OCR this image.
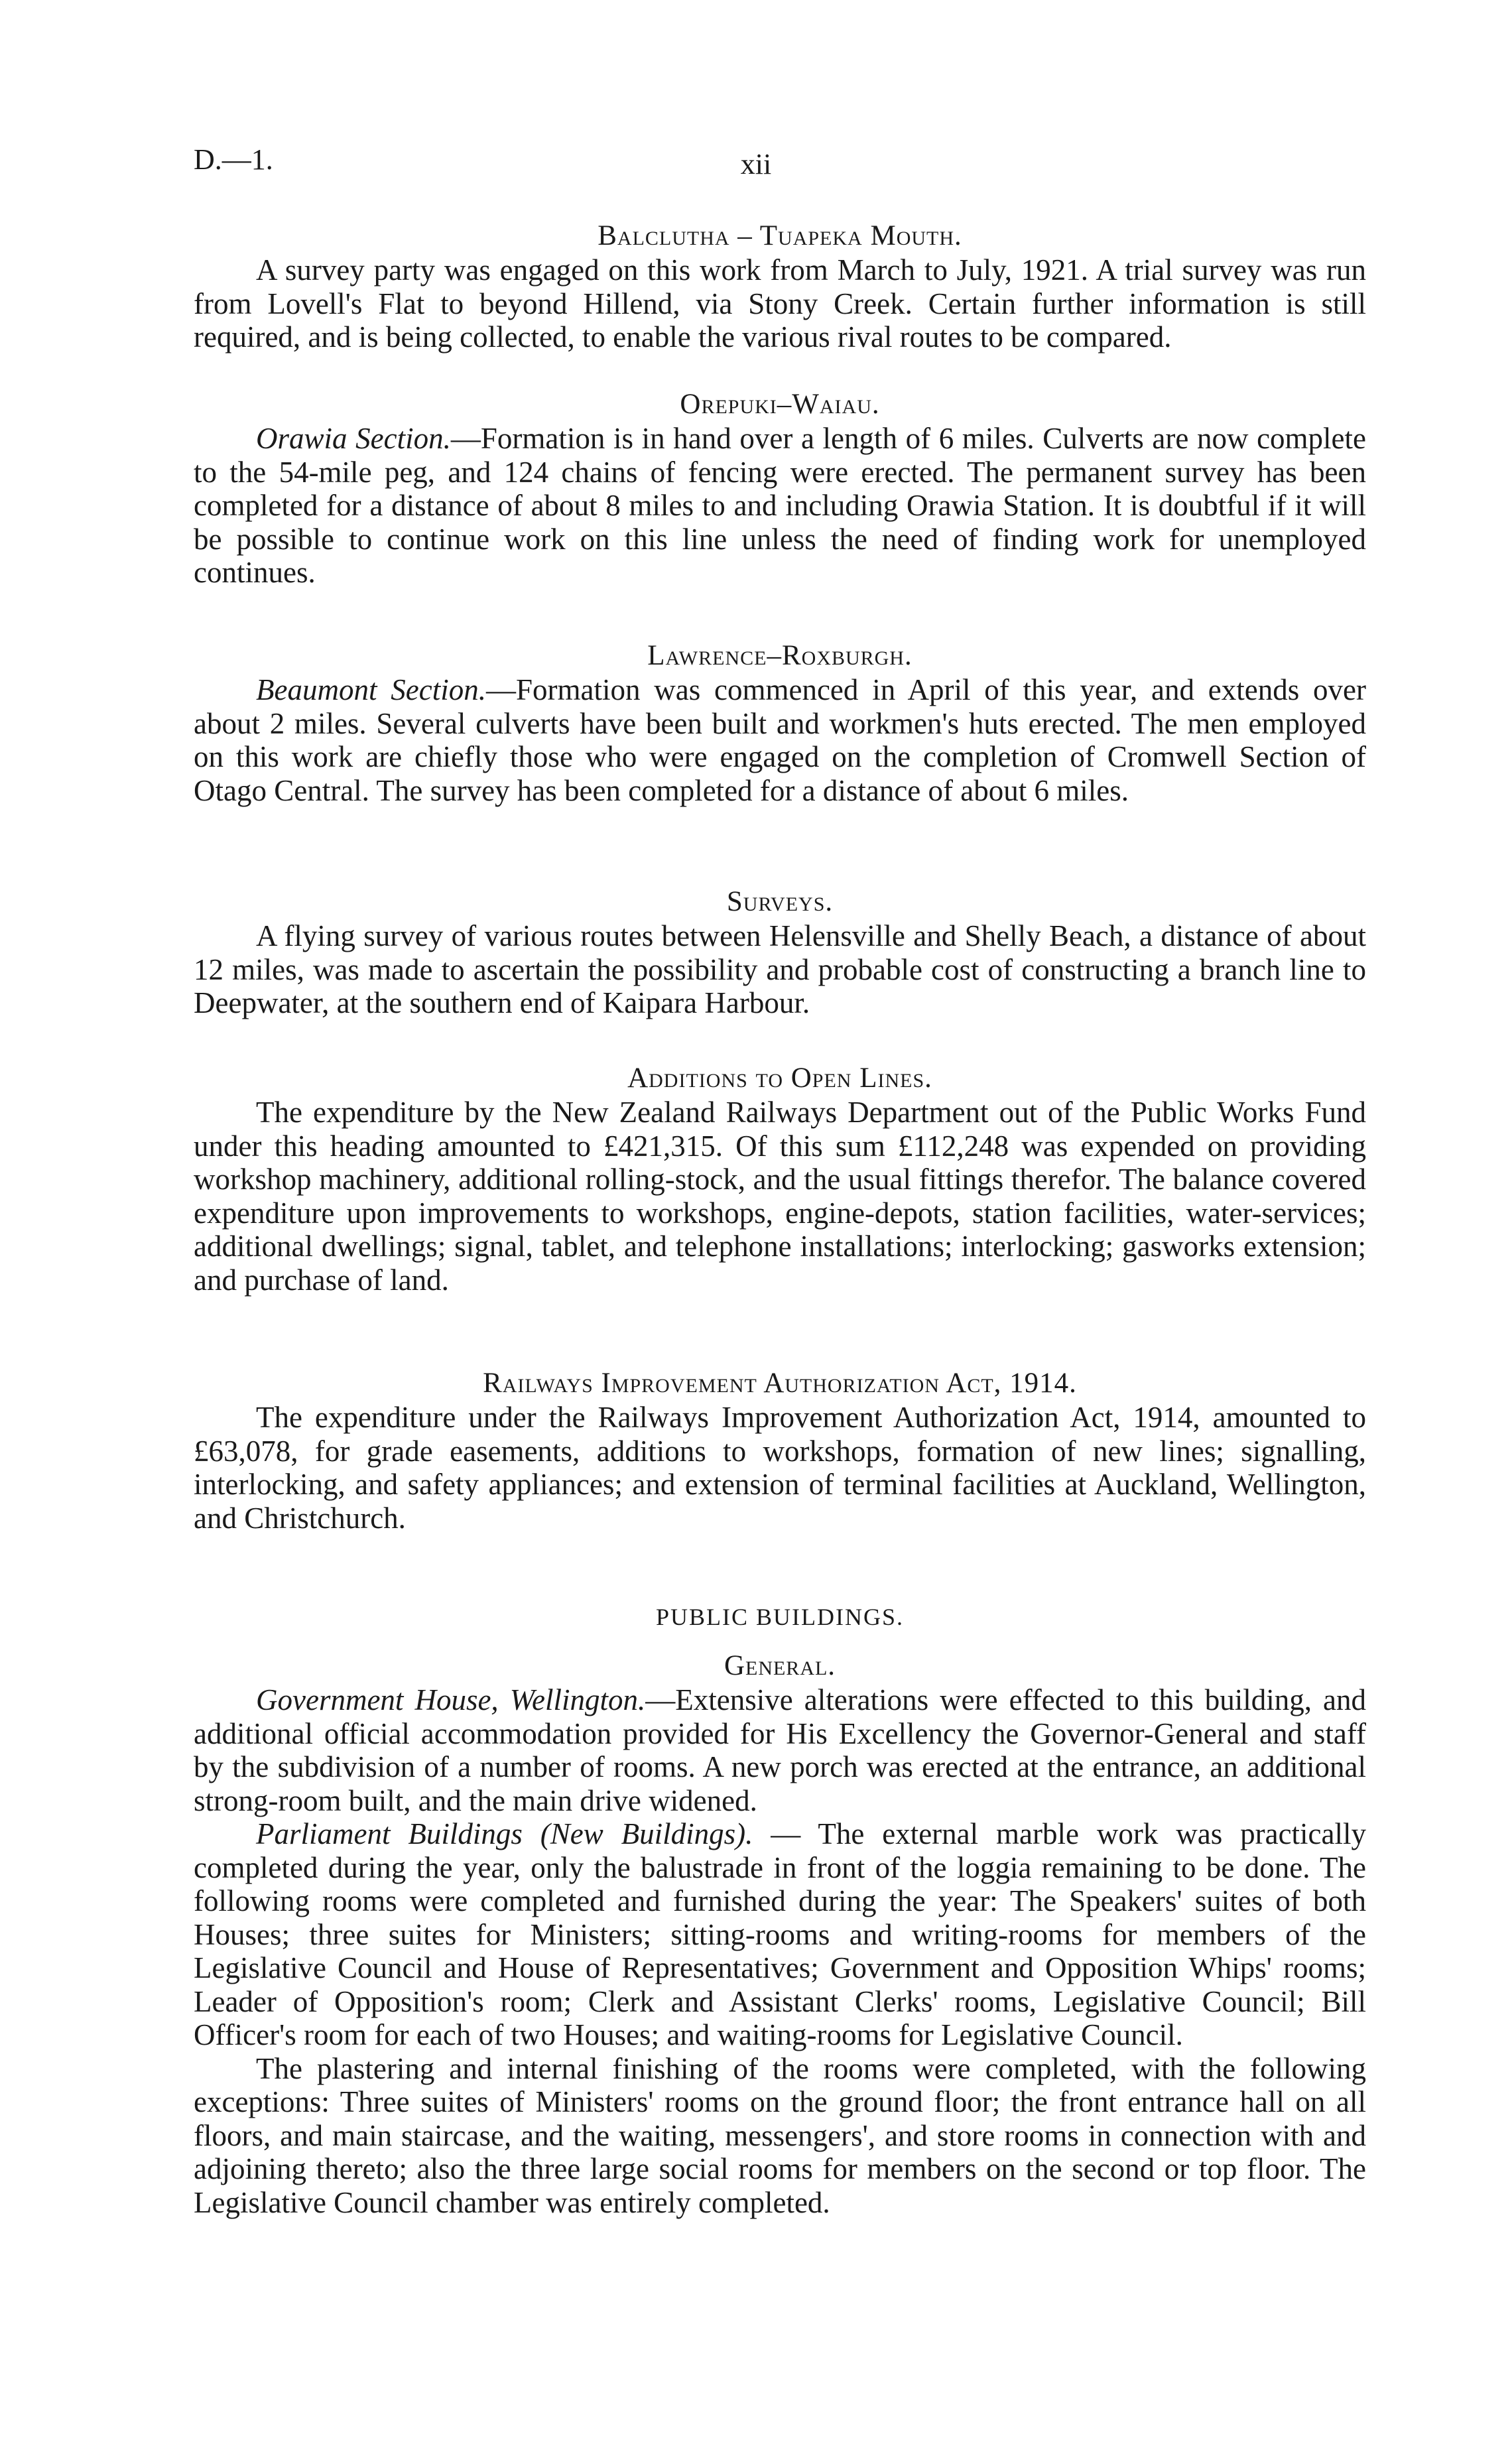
D.—1.	xii
Balclutha – Tuapeka Mouth.

A survey party was engaged on this work from March to July, 1921. A trial survey was run from Lovell's Flat to beyond Hillend, via Stony Creek. Certain further information is still required, and is being collected, to enable the various rival routes to be compared.

Orepuki–Waiau.

Orawia Section.—Formation is in hand over a length of 6 miles. Culverts are now complete to the 54-mile peg, and 124 chains of fencing were erected. The permanent survey has been completed for a distance of about 8 miles to and including Orawia Station. It is doubtful if it will be possible to continue work on this line unless the need of finding work for unemployed continues.

Lawrence–Roxburgh.

Beaumont Section.—Formation was commenced in April of this year, and extends over about 2 miles. Several culverts have been built and workmen's huts erected. The men employed on this work are chiefly those who were engaged on the completion of Cromwell Section of Otago Central. The survey has been completed for a distance of about 6 miles.

Surveys.

A flying survey of various routes between Helensville and Shelly Beach, a distance of about 12 miles, was made to ascertain the possibility and probable cost of constructing a branch line to Deepwater, at the southern end of Kaipara Harbour.

Additions to Open Lines.

The expenditure by the New Zealand Railways Department out of the Public Works Fund under this heading amounted to £421,315. Of this sum £112,248 was expended on providing workshop machinery, additional rolling-stock, and the usual fittings therefor. The balance covered expenditure upon improvements to workshops, engine-depots, station facilities, water-services; additional dwellings; signal, tablet, and telephone installations; interlocking; gasworks extension; and purchase of land.

Railways Improvement Authorization Act, 1914.

The expenditure under the Railways Improvement Authorization Act, 1914, amounted to £63,078, for grade easements, additions to workshops, formation of new lines; signalling, interlocking, and safety appliances; and extension of terminal facilities at Auckland, Wellington, and Christchurch.

PUBLIC BUILDINGS.
General.

Government House, Wellington.—Extensive alterations were effected to this building, and additional official accommodation provided for His Excellency the Governor-General and staff by the subdivision of a number of rooms. A new porch was erected at the entrance, an additional strong-room built, and the main drive widened.

Parliament Buildings (New Buildings). — The external marble work was practically completed during the year, only the balustrade in front of the loggia remaining to be done. The following rooms were completed and furnished during the year: The Speakers' suites of both Houses; three suites for Ministers; sitting-rooms and writing-rooms for members of the Legislative Council and House of Representatives; Government and Opposition Whips' rooms; Leader of Opposition's room; Clerk and Assistant Clerks' rooms, Legislative Council; Bill Officer's room for each of two Houses; and waiting-rooms for Legislative Council.

The plastering and internal finishing of the rooms were completed, with the following exceptions: Three suites of Ministers' rooms on the ground floor; the front entrance hall on all floors, and main staircase, and the waiting, messengers', and store rooms in connection with and adjoining thereto; also the three large social rooms for members on the second or top floor. The Legislative Council chamber was entirely completed.
